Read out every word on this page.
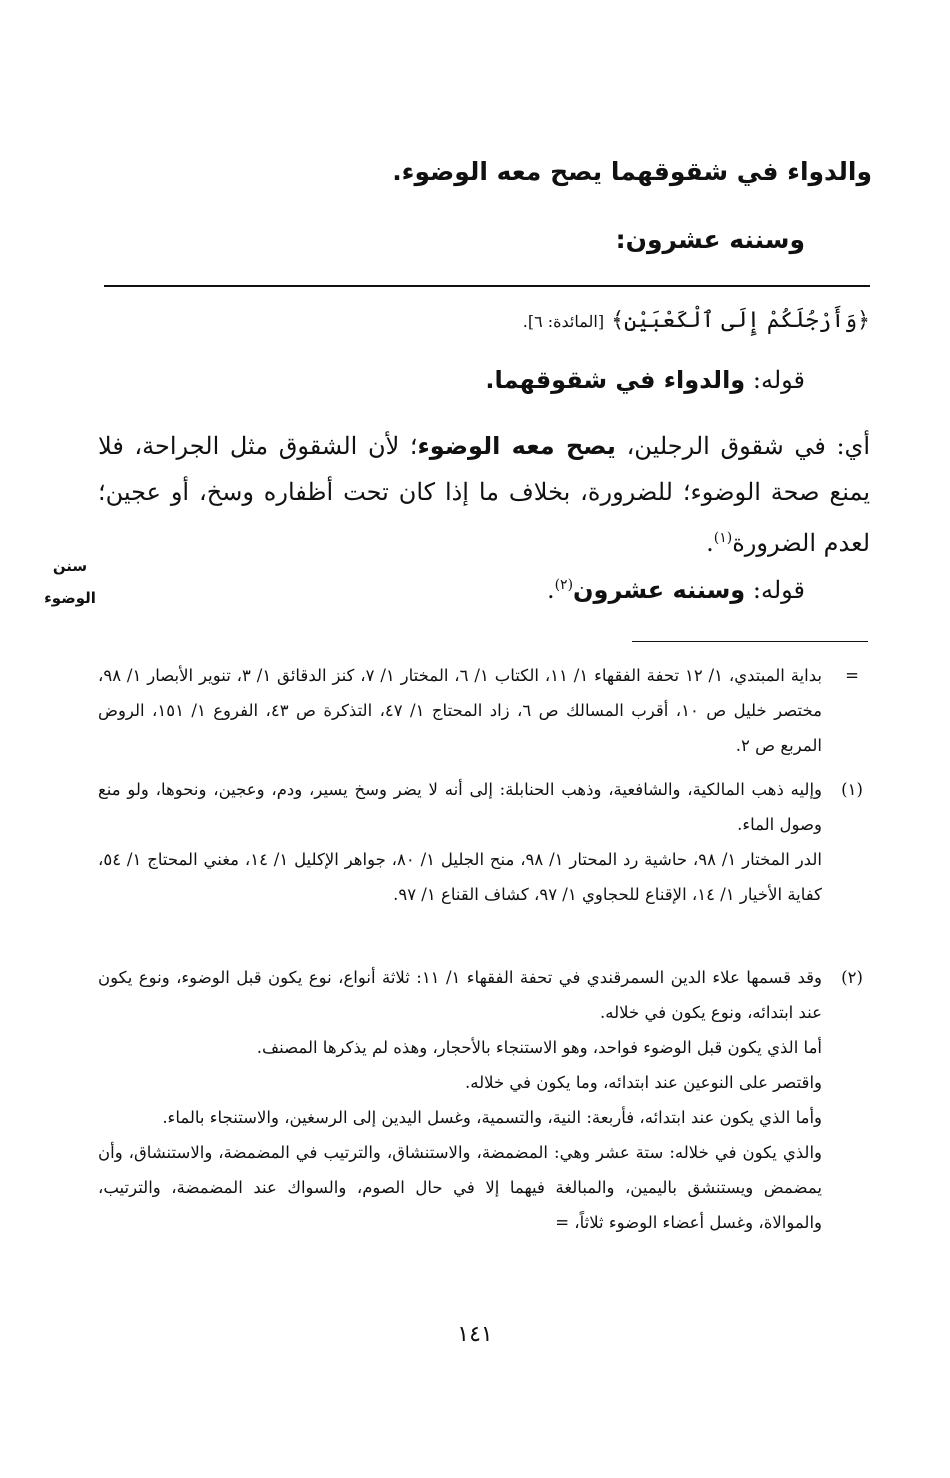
والدواء في شقوقهما يصح معه الوضوء.
وسننه عشرون:
﴿وَأَرْجُلَكُمْ إِلَى ٱلْكَعْبَيْنِ﴾ [المائدة: ٦].
قوله: والدواء في شقوقهما.
أي: في شقوق الرجلين، يصح معه الوضوء؛ لأن الشقوق مثل الجراحة، فلا يمنع صحة الوضوء؛ للضرورة، بخلاف ما إذا كان تحت أظفاره وسخ، أو عجين؛ لعدم الضرورة$^{(١)}$.
قوله: وسننه عشرون$^{(٢)}$.
سنن
الوضوء
=
بداية المبتدي، ١/ ١٢ تحفة الفقهاء ١/ ١١، الكتاب ١/ ٦، المختار ١/ ٧، كنز الدقائق ١/ ٣، تنوير الأبصار ١/ ٩٨، مختصر خليل ص ١٠، أقرب المسالك ص ٦، زاد المحتاج ١/ ٤٧، التذكرة ص ٤٣، الفروع ١/ ١٥١، الروض المربع ص ٢.
(١)
وإليه ذهب المالكية، والشافعية، وذهب الحنابلة: إلى أنه لا يضر وسخ يسير، ودم، وعجين، ونحوها، ولو منع وصول الماء.
الدر المختار ١/ ٩٨، حاشية رد المحتار ١/ ٩٨، منح الجليل ١/ ٨٠، جواهر الإكليل ١/ ١٤، مغني المحتاج ١/ ٥٤، كفاية الأخيار ١/ ١٤، الإقناع للحجاوي ١/ ٩٧، كشاف القناع ١/ ٩٧.
(٢)
وقد قسمها علاء الدين السمرقندي في تحفة الفقهاء ١/ ١١: ثلاثة أنواع، نوع يكون قبل الوضوء، ونوع يكون عند ابتدائه، ونوع يكون في خلاله.
أما الذي يكون قبل الوضوء فواحد، وهو الاستنجاء بالأحجار، وهذه لم يذكرها المصنف.
واقتصر على النوعين عند ابتدائه، وما يكون في خلاله.
وأما الذي يكون عند ابتدائه، فأربعة: النية، والتسمية، وغسل اليدين إلى الرسغين، والاستنجاء بالماء.
والذي يكون في خلاله: ستة عشر وهي: المضمضة، والاستنشاق، والترتيب في المضمضة، والاستنشاق، وأن يمضمض ويستنشق باليمين، والمبالغة فيهما إلا في حال الصوم، والسواك عند المضمضة، والترتيب، والموالاة، وغسل أعضاء الوضوء ثلاثاً، =
١٤١
